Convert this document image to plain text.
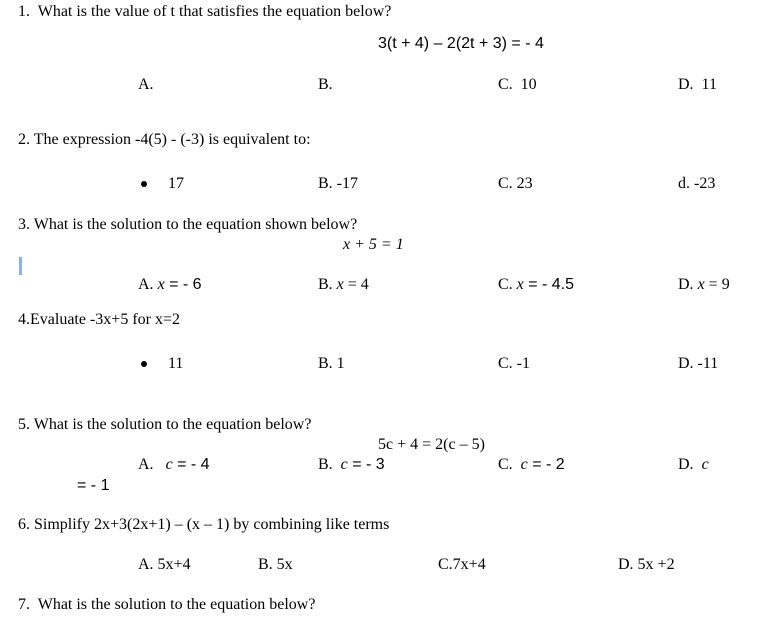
1.  What is the value of t that satisfies the equation below?
3(t + 4) – 2(2t + 3) = - 4
A.	B.	C.  10	D.  11
2. The expression -4(5) - (-3) is equivalent to:
17	B. -17	C. 23	d. -23
3. What is the solution to the equation shown below?
x + 5 = 1
A. x = - 6	B. x = 4	C. x = - 4.5	D. x = 9
4.Evaluate -3x+5 for x=2
11	B. 1	C. -1	D. -11
5. What is the solution to the equation below?
5c + 4 = 2(c – 5)
A.   c = - 4	B.  c = - 3	C.  c = - 2	D.  c
= - 1
6. Simplify 2x+3(2x+1) – (x – 1) by combining like terms
A. 5x+4	B. 5x	C.7x+4	D. 5x +2
7.  What is the solution to the equation below?
